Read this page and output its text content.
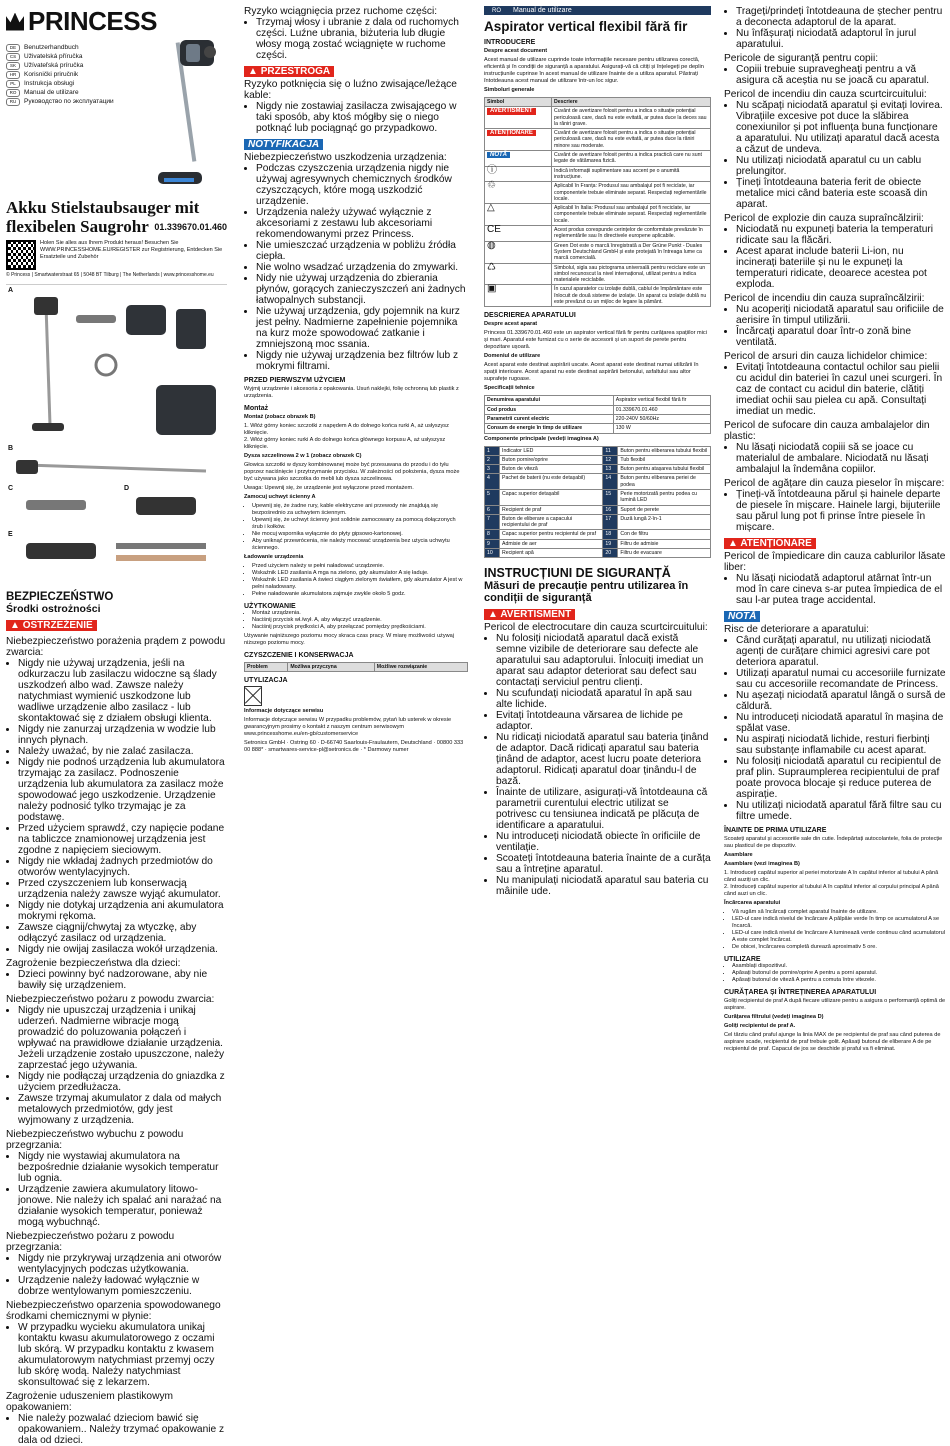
PRINCESS
DE	Benutzerhandbuch
CS	Uživatelská příručka
SK	Užívateľská príručka
HR	Korisnički priručnik
PL	Instrukcja obsługi
RO	Manual de utilizare
RU	Руководство по эксплуатации
Akku Stielstaubsauger mit flexibelen Saugrohr 01.339670.01.460
Holen Sie alles aus Ihrem Produkt heraus! Besuchen Sie WWW.PRINCESSHOME.EU/REGISTER zur Registrierung, Entdecken Sie Ersatzteile und Zubehör
© Princess | Smartwaterstraat 65 | 5048 BT Tilburg | The Netherlands | www.princesshome.eu
A
B
C	D
E
BEZPIECZEŃSTWO
Środki ostrożności
▲ OSTRZEŻENIE

Niebezpieczeństwo porażenia prądem z powodu zwarcia:

• Nigdy nie używaj urządzenia, jeśli na odkurzaczu lub zasilaczu widoczne są ślady uszkodzeń albo wad. Zawsze należy natychmiast wymienić uszkodzone lub wadliwe urządzenie albo zasilacz - lub skontaktować się z działem obsługi klienta.
• Nigdy nie zanurzaj urządzenia w wodzie lub innych płynach.
• Należy uważać, by nie zalać zasilacza.
• Nigdy nie podnoś urządzenia lub akumulatora trzymając za zasilacz. Podnoszenie urządzenia lub akumulatora za zasilacz może spowodować jego uszkodzenie. Urządzenie należy podnosić tylko trzymając je za podstawę.
• Przed użyciem sprawdź, czy napięcie podane na tabliczce znamionowej urządzenia jest zgodne z napięciem sieciowym.
• Nigdy nie wkładaj żadnych przedmiotów do otworów wentylacyjnych.
• Przed czyszczeniem lub konserwacją urządzenia należy zawsze wyjąć akumulator.
• Nigdy nie dotykaj urządzenia ani akumulatora mokrymi rękoma.
• Zawsze ciągnij/chwytaj za wtyczkę, aby odłączyć zasilacz od urządzenia.
• Nigdy nie owijaj zasilacza wokół urządzenia.

Zagrożenie bezpieczeństwa dla dzieci:

• Dzieci powinny być nadzorowane, aby nie bawiły się urządzeniem.

Niebezpieczeństwo pożaru z powodu zwarcia:

• Nigdy nie upuszczaj urządzenia i unikaj uderzeń. Nadmierne wibracje mogą prowadzić do poluzowania połączeń i wpływać na prawidłowe działanie urządzenia. Jeżeli urządzenie zostało upuszczone, należy zaprzestać jego używania.
• Nigdy nie podłączaj urządzenia do gniazdka z użyciem przedłużacza.
• Zawsze trzymaj akumulator z dala od małych metalowych przedmiotów, gdy jest wyjmowany z urządzenia.

Niebezpieczeństwo wybuchu z powodu przegrzania:

• Nigdy nie wystawiaj akumulatora na bezpośrednie działanie wysokich temperatur lub ognia.
• Urządzenie zawiera akumulatory litowo-jonowe. Nie należy ich spalać ani narażać na działanie wysokich temperatur, ponieważ mogą wybuchnąć.

Niebezpieczeństwo pożaru z powodu przegrzania:

• Nigdy nie przykrywaj urządzenia ani otworów wentylacyjnych podczas użytkowania.
• Urządzenie należy ładować wyłącznie w dobrze wentylowanym pomieszczeniu.

Niebezpieczeństwo oparzenia spowodowanego środkami chemicznymi w płynie:

• W przypadku wycieku akumulatora unikaj kontaktu kwasu akumulatorowego z oczami lub skórą. W przypadku kontaktu z kwasem akumulatorowym natychmiast przemyj oczy lub skórę wodą. Należy natychmiast skonsultować się z lekarzem.

Zagrożenie uduszeniem plastikowym opakowaniem:

• Nie należy pozwalać dzieciom bawić się opakowaniem.. Należy trzymać opakowanie z dala od dzieci.

Ryzyko wciągnięcia przez ruchome części:

• Trzymaj włosy i ubranie z dala od ruchomych części. Luźne ubrania, biżuteria lub długie włosy mogą zostać wciągnięte w ruchome części.
▲ PRZESTROGA

Ryzyko potknięcia się o luźno zwisające/leżące kable:

• Nigdy nie zostawiaj zasilacza zwisającego w taki sposób, aby ktoś mógłby się o niego potknąć lub pociągnąć go przypadkowo.
NOTYFIKACJA

Niebezpieczeństwo uszkodzenia urządzenia:

• Podczas czyszczenia urządzenia nigdy nie używaj agresywnych chemicznych środków czyszczących, które mogą uszkodzić urządzenie.
• Urządzenia należy używać wyłącznie z akcesoriami z zestawu lub akcesoriami rekomendowanymi przez Princess.
• Nie umieszczać urządzenia w pobliżu źródła ciepła.
• Nie wolno wsadzać urządzenia do zmywarki.
• Nidy nie używaj urządzenia do zbierania płynów, gorących zanieczyszczeń ani żadnych łatwopalnych substancji.
• Nie używaj urządzenia, gdy pojemnik na kurz jest pełny. Nadmierne zapełnienie pojemnika na kurz może spowodować zatkanie i zmniejszoną moc ssania.
• Nigdy nie używaj urządzenia bez filtrów lub z mokrymi filtrami.
PRZED PIERWSZYM UŻYCIEM

Wyjmij urządzenie i akcesoria z opakowania. Usuń naklejki, folię ochronną lub plastik z urządzenia.

Montaż

Montaż (zobacz obrazek B)

1. Włóż górny koniec szczotki z napędem A do dolnego końca rurki A, aż usłyszysz kliknięcie.
2. Włóż górny koniec rurki A do dolnego końca głównego korpusu A, aż usłyszysz kliknięcie.

Dysza szczelinowa 2 w 1 (zobacz obrazek C)

Głowica szczotki w dyszy kombinowanej może być przesuwana do przodu i do tyłu poprzez naciśnięcie i przytrzymanie przycisku. W zależności od położenia, dysza może być używana jako szczotka do mebli lub dysza szczelinowa.

Uwaga: Upewnij się, że urządzenie jest wyłączone przed montażem.

Zamocuj uchwyt ścienny A

• Upewnij się, że żadne rury, kable elektryczne ani przewody nie znajdują się bezpośrednio za uchwytem ściennym.
• Upewnij się, że uchwyt ścienny jest solidnie zamocowany za pomocą dołączonych śrub i kołków.
• Nie mocuj wspornika wyłącznie do płyty gipsowo-kartonowej.
• Aby uniknąć przewrócenia, nie należy mocować urządzenia bez użycia uchwytu ściennego.

Ładowanie urządzenia

• Przed użyciem należy w pełni naładować urządzenie.
• Wskaźnik LED zasilania A mga na zielono, gdy akumulator A się ładuje.
• Wskaźnik LED zasilania A świeci ciągłym zielonym światłem, gdy akumulator A jest w pełni naładowany.
• Pełne naładowanie akumulatora zajmuje zwykle około 5 godz.
UŻYTKOWANIE
• Montaż urządzenia.
• Naciśnij przycisk wł./wył. A, aby włączyć urządzenie.
• Naciśnij przycisk prędkości A, aby przełączać pomiędzy prędkościami.

Używanie najniższego poziomu mocy skraca czas pracy. W miarę możliwości używaj niższego poziomu mocy.

CZYSZCZENIE I KONSERWACJA
Problem	Możliwa przyczyna	Możliwe rozwiązanie
UTYLIZACJA

Informacje dotyczące serwisu

Informacje dotyczące serwisu W przypadku problemów, pytań lub usterek w okresie gwarancyjnym prosimy o kontakt z naszym centrum serwisowym www.princesshome.eu/en-gb/customerservice

Setronics GmbH · Ostring 60 · D-66740 Saarlouis-Fraulautern, Deutschland · 00800 333 00 888* · smartwares-service-pl@setronics.de · * Darmowy numer

RO	Manual de utilizare
Aspirator vertical flexibil fără fir
INTRODUCERE

Despre acest document

Acest manual de utilizare cuprinde toate informațiile necesare pentru utilizarea corectă, eficientă și în condiții de siguranță a aparatului. Asigurați-vă că citiți și înțelegeți pe deplin instrucțiunile cuprinse în acest manual de utilizare înainte de a utiliza aparatul. Păstrați întotdeauna acest manual de utilizare într-un loc sigur.

Simboluri generale

Simbol	Descriere
AVERTISMENT	Cuvânt de avertizare folosit pentru a indica o situație potențial periculoasă care, dacă nu este evitată, ar putea duce la deces sau la răniri grave.
ATENȚIONARE	Cuvânt de avertizare folosit pentru a indica o situație potențial periculoasă care, dacă nu este evitată, ar putea duce la răniri minore sau moderate.
NOTĂ	Cuvânt de avertizare folosit pentru a indica practică care nu sunt legate de vătămarea fizică.
ⓘ	Indică informații suplimentare sau accent pe o anumită instrucțiune.
♲	Aplicabil în Franța: Produsul sau ambalajul pot fi reciclate, iar componentele trebuie eliminate separat. Respectați reglementările locale.
△	Aplicabil în Italia: Produsul sau ambalajul pot fi reciclate, iar componentele trebuie eliminate separat. Respectați reglementările locale.
CE	Acest produs corespunde cerințelor de conformitate prevăzute în reglementările sau în directivele europene aplicabile.
◍	Green Dot este o marcă înregistrată a Der Grüne Punkt - Duales System Deutschland GmbH și este protejată în întreaga lume ca marcă comercială.
♺	Simbolul, sigla sau pictograma universală pentru reciclare este un simbol recunoscut la nivel internațional, utilizat pentru a indica materialele reciclabile.
▣	În cazul aparatelor cu izolație dublă, cablul de împământare este înlocuit de două sisteme de izolație. Un aparat cu izolație dublă nu este prevăzut cu un mijloc de legare la pământ.
DESCRIEREA APARATULUI

Despre acest aparat

Princess 01.339670.01.460 este un aspirator vertical fără fir pentru curățarea spațiilor mici și mari. Aparatul este furnizat cu o serie de accesorii și un suport de perete pentru depozitare ușoară.

Domeniul de utilizare

Acest aparat este destinat aspirării uscate. Acest aparat este destinat numai utilizării în spații interioare. Acest aparat nu este destinat aspirării betonului, asfaltului sau altor suprafețe rugoase.

Specificații tehnice

Denumirea aparatului	Aspirator vertical flexibil fără fir
Cod produs	01.339670.01.460
Parametrii curent electric	220-240V 50/60Hz
Consum de energie în timp de utilizare	130 W

Componente principale (vedeți imaginea A)

1	Indicator LED	11	Buton pentru eliberarea tubului flexibil
2	Buton pornire/oprire	12	Tub flexibil
3	Buton de viteză	13	Buton pentru atașarea tubului flexibil
4	Pachet de baterii (nu este detașabil)	14	Buton pentru eliberarea periei de podea
5	Capac superior detașabil	15	Perie motorizată pentru podea cu lumină LED
6	Recipient de praf	16	Suport de perete
7	Buton de eliberare a capacului recipientului de praf	17	Duză lungă 2-în-1
8	Capac superior pentru recipientul de praf	18	Con de filtru
9	Admisie de aer	19	Filtru de admisie
10	Recipient apă	20	Filtru de evacuare
INSTRUCȚIUNI DE SIGURANȚĂ
Măsuri de precauție pentru utilizarea în condiții de siguranță
▲ AVERTISMENT

Pericol de electrocutare din cauza scurtcircuitului:

• Nu folosiți niciodată aparatul dacă există semne vizibile de deteriorare sau defecte ale aparatului sau adaptorului. Înlocuiți imediat un aparat sau adaptor deteriorat sau defect sau contactați serviciul pentru clienți.
• Nu scufundați niciodată aparatul în apă sau alte lichide.
• Evitați întotdeauna vărsarea de lichide pe adaptor.
• Nu ridicați niciodată aparatul sau bateria ținând de adaptor. Dacă ridicați aparatul sau bateria ținând de adaptor, acest lucru poate deteriora adaptorul. Ridicați aparatul doar ținându-l de bază.
• Înainte de utilizare, asigurați-vă întotdeauna că parametrii curentului electric utilizat se potrivesc cu tensiunea indicată pe plăcuța de identificare a aparatului.
• Nu introduceți niciodată obiecte în orificiile de ventilație.
• Scoateți întotdeauna bateria înainte de a curăța sau a întreține aparatul.
• Nu manipulați niciodată aparatul sau bateria cu mâinile ude.
• Trageți/prindeți întotdeauna de ștecher pentru a deconecta adaptorul de la aparat.
• Nu înfășurați niciodată adaptorul în jurul aparatului.

Pericole de siguranță pentru copii:

• Copiii trebuie supravegheați pentru a vă asigura că aceștia nu se joacă cu aparatul.

Pericol de incendiu din cauza scurtcircuitului:

• Nu scăpați niciodată aparatul și evitați lovirea. Vibrațiile excesive pot duce la slăbirea conexiunilor și pot influența buna funcționare a aparatului. Nu utilizați aparatul dacă acesta a căzut de undeva.
• Nu utilizați niciodată aparatul cu un cablu prelungitor.
• Țineți întotdeauna bateria ferit de obiecte metalice mici când bateria este scoasă din aparat.

Pericol de explozie din cauza supraîncălzirii:

• Niciodată nu expuneți bateria la temperaturi ridicate sau la flăcări.
• Acest aparat include baterii Li-ion, nu incinerați bateriile și nu le expuneți la temperaturi ridicate, deoarece acestea pot exploda.

Pericol de incendiu din cauza supraîncălzirii:

• Nu acoperiți niciodată aparatul sau orificiile de aerisire în timpul utilizării.
• Încărcați aparatul doar într-o zonă bine ventilată.

Pericol de arsuri din cauza lichidelor chimice:

• Evitați întotdeauna contactul ochilor sau pielii cu acidul din bateriei în cazul unei scurgeri. În caz de contact cu acidul din baterie, clătiți imediat ochii sau pielea cu apă. Consultați imediat un medic.

Pericol de sufocare din cauza ambalajelor din plastic:

• Nu lăsați niciodată copiii să se joace cu materialul de ambalare. Niciodată nu lăsați ambalajul la îndemâna copiilor.

Pericol de agățare din cauza pieselor în mișcare:

• Țineți-vă întotdeauna părul și hainele departe de piesele în mișcare. Hainele largi, bijuteriile sau părul lung pot fi prinse între piesele în mișcare.
▲ ATENȚIONARE

Pericol de împiedicare din cauza cablurilor lăsate liber:

• Nu lăsați niciodată adaptorul atârnat într-un mod în care cineva s-ar putea împiedica de el sau l-ar putea trage accidental.
NOTĂ

Risc de deteriorare a aparatului:

• Când curățați aparatul, nu utilizați niciodată agenți de curățare chimici agresivi care pot deteriora aparatul.
• Utilizați aparatul numai cu accesoriile furnizate sau cu accesoriile recomandate de Princess.
• Nu așezați niciodată aparatul lângă o sursă de căldură.
• Nu introduceți niciodată aparatul în mașina de spălat vase.
• Nu aspirați niciodată lichide, resturi fierbinți sau substanțe inflamabile cu acest aparat.
• Nu folosiți niciodată aparatul cu recipientul de praf plin. Supraumplerea recipientului de praf poate provoca blocaje și reduce puterea de aspirație.
• Nu utilizați niciodată aparatul fără filtre sau cu filtre umede.
ÎNAINTE DE PRIMA UTILIZARE

Scoateți aparatul și accesoriile sale din cutie. Îndepărtați autocolantele, folia de protecție sau plasticul de pe dispozitiv.

Asamblare

Asamblare (vezi imaginea B)

1. Introduceți capătul superior al periei motorizate A în capătul inferior al tubului A până când auziți un clic.
2. Introduceți capătul superior al tubului A în capătul inferior al corpului principal A până când auzi un clic.

Încărcarea aparatului

• Vă rugăm să încărcați complet aparatul înainte de utilizare.
• LED-ul care indică nivelul de încărcare A pâlpâie verde în timp ce acumulatorul A se încarcă.
• LED-ul care indică nivelul de încărcare A luminează verde continuu când acumulatorul A este complet încărcat.
• De obicei, încărcarea completă durează aproximativ 5 ore.
UTILIZARE
• Asamblați dispozitivul.
• Apăsați butonul de pornire/oprire A pentru a porni aparatul.
• Apăsați butonul de viteză A pentru a comuta între vitezele.
CURĂȚAREA ȘI ÎNTREȚINEREA APARATULUI

Goliți recipientul de praf A după fiecare utilizare pentru a asigura o performanță optimă de aspirare.

Curățarea filtrului (vedeți imaginea D)

Goliți recipientul de praf A.

Cel târziu când praful ajunge la linia MAX de pe recipientul de praf sau când puterea de aspirare scade, recipientul de praf trebuie golit. Apăsați butonul de eliberare A de pe recipientul de praf. Capacul de jos se deschide și praful va fi eliminat.
